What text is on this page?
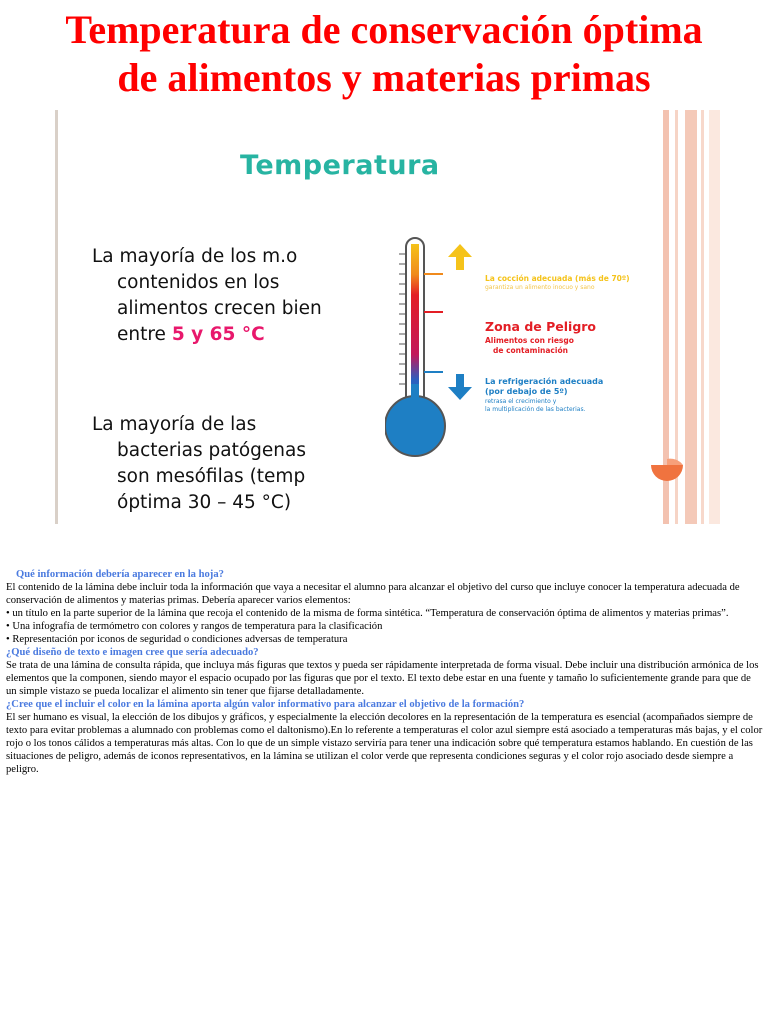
Temperatura de conservación óptima
de alimentos y materias primas
Temperatura

La mayoría de los m.o

contenidos en los

alimentos crecen bien

entre 5 y 65 °C

La mayoría de las

bacterias patógenas

son mesófilas (temp

óptima 30 – 45 °C)

La cocción adecuada (más de 70º)

garantiza un alimento inocuo y sano

Zona de Peligro

Alimentos con riesgo

de contaminación

La refrigeración adecuada

(por debajo de 5º)

retrasa el crecimiento y

la multiplicación de las bacterias.

Qué información debería aparecer en la hoja?

El contenido de la lámina debe incluir toda la información que vaya a necesitar el alumno para alcanzar el objetivo del curso que incluye conocer la temperatura adecuada de conservación de alimentos y materias primas. Debería aparecer varios elementos:

• un título en la parte superior de la lámina que recoja el contenido de la misma de forma sintética. “Temperatura de conservación óptima de alimentos y materias primas”.

• Una infografía de termómetro con colores y rangos de temperatura para la clasificación

• Representación por iconos de seguridad o condiciones adversas de temperatura

¿Qué diseño de texto e imagen cree que sería adecuado?

Se trata de una lámina de consulta rápida, que incluya más figuras que textos y pueda ser rápidamente interpretada de forma visual. Debe incluir una distribución armónica de los elementos que la componen, siendo mayor el espacio ocupado por las figuras que por el texto. El texto debe estar en una fuente y tamaño lo suficientemente grande para que de un simple vistazo se pueda localizar el alimento sin tener que fijarse detalladamente.

¿Cree que el incluir el color en la lámina aporta algún valor informativo para alcanzar el objetivo de la formación?

El ser humano es visual, la elección de los dibujos y gráficos, y especialmente la elección decolores en la representación de la temperatura es esencial (acompañados siempre de texto para evitar problemas a alumnado con problemas como el daltonismo).En lo referente a temperaturas el color azul siempre está asociado a temperaturas más bajas, y el color rojo o los tonos cálidos a temperaturas más altas. Con lo que de un simple vistazo serviría para tener una indicación sobre qué temperatura estamos hablando. En cuestión de las situaciones de peligro, además de iconos representativos, en la lámina se utilizan el color verde que representa condiciones seguras y el color rojo asociado desde siempre a peligro.
